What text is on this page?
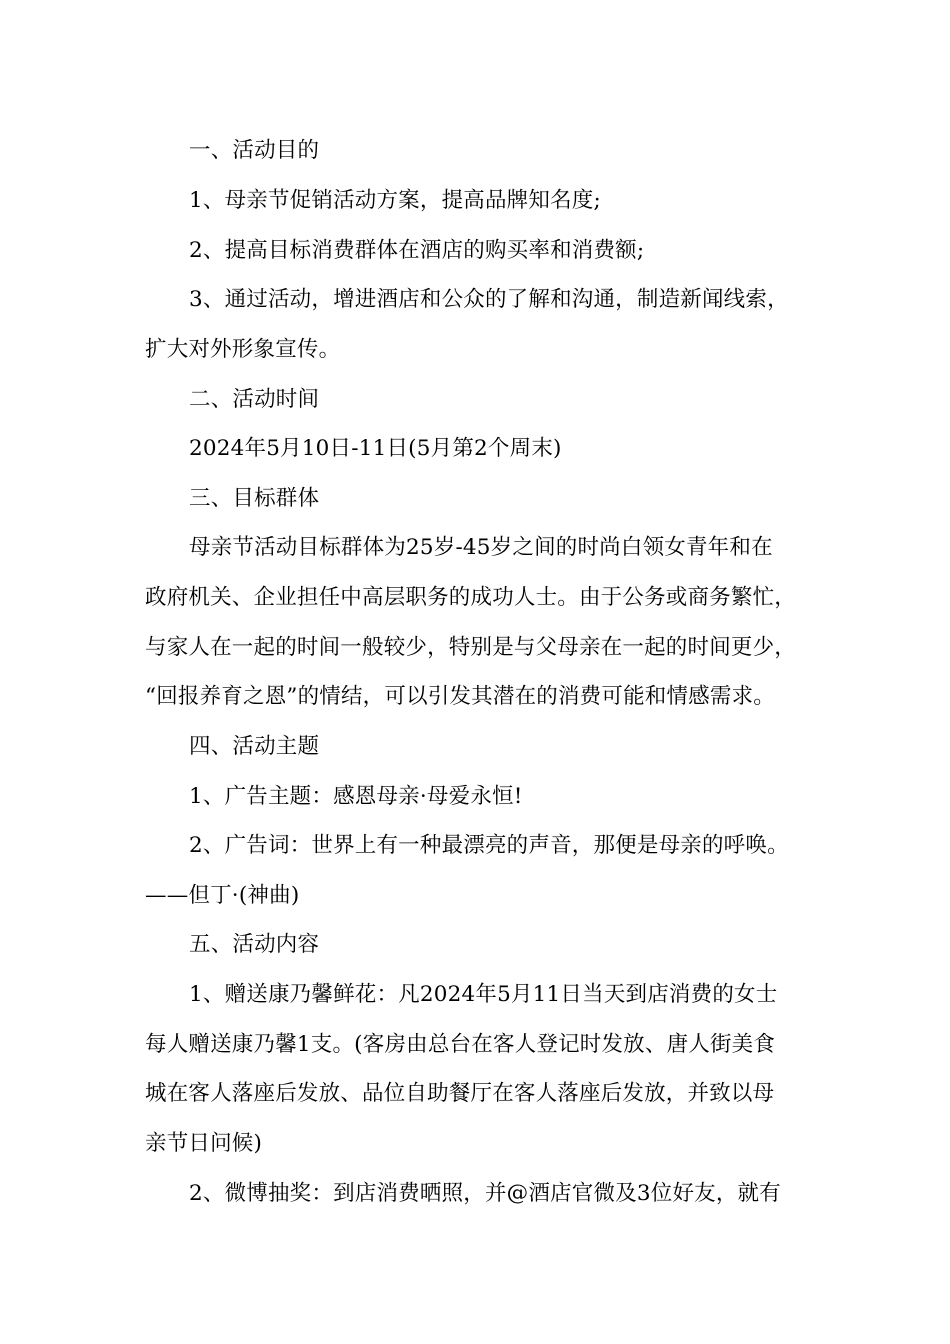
一、活动目的
1、母亲节促销活动方案，提高品牌知名度;
2、提高目标消费群体在酒店的购买率和消费额;
3、通过活动，增进酒店和公众的了解和沟通，制造新闻线索，
扩大对外形象宣传。
二、活动时间
2024年5月10日-11日(5月第2个周末)
三、目标群体
母亲节活动目标群体为25岁-45岁之间的时尚白领女青年和在
政府机关、企业担任中高层职务的成功人士。由于公务或商务繁忙，
与家人在一起的时间一般较少，特别是与父母亲在一起的时间更少，
“回报养育之恩”的情结，可以引发其潜在的消费可能和情感需求。
四、活动主题
1、广告主题：感恩母亲·母爱永恒!
2、广告词：世界上有一种最漂亮的声音，那便是母亲的呼唤。
——但丁·(神曲)
五、活动内容
1、赠送康乃馨鲜花：凡2024年5月11日当天到店消费的女士
每人赠送康乃馨1支。(客房由总台在客人登记时发放、唐人街美食
城在客人落座后发放、品位自助餐厅在客人落座后发放，并致以母
亲节日问候)
2、微博抽奖：到店消费晒照，并@酒店官微及3位好友，就有
